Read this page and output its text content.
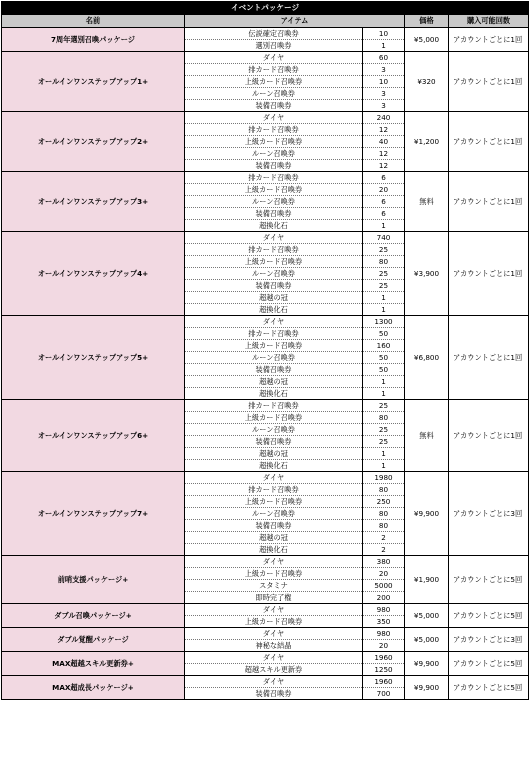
イベントパッケージ				
名前	アイテム		価格	購入可能回数
7周年選別召喚パッケージ	伝説確定召喚券	10	¥5,000	アカウントごとに1回
	選別召喚券	1		
オールインワンステップアップ1+	ダイヤ	60	¥320	アカウントごとに1回
	排カード召喚券	3		
	上級カード召喚券	10		
	ルーン召喚券	3		
	装備召喚券	3		
オールインワンステップアップ2+	ダイヤ	240	¥1,200	アカウントごとに1回
	排カード召喚券	12		
	上級カード召喚券	40		
	ルーン召喚券	12		
	装備召喚券	12		
オールインワンステップアップ3+	排カード召喚券	6	無料	アカウントごとに1回
	上級カード召喚券	20		
	ルーン召喚券	6		
	装備召喚券	6		
	超換化石	1		
オールインワンステップアップ4+	ダイヤ	740	¥3,900	アカウントごとに1回
	排カード召喚券	25		
	上級カード召喚券	80		
	ルーン召喚券	25		
	装備召喚券	25		
	超越の冠	1		
	超換化石	1		
オールインワンステップアップ5+	ダイヤ	1300	¥6,800	アカウントごとに1回
	排カード召喚券	50		
	上級カード召喚券	160		
	ルーン召喚券	50		
	装備召喚券	50		
	超越の冠	1		
	超換化石	1		
オールインワンステップアップ6+	排カード召喚券	25	無料	アカウントごとに1回
	上級カード召喚券	80		
	ルーン召喚券	25		
	装備召喚券	25		
	超越の冠	1		
	超換化石	1		
オールインワンステップアップ7+	ダイヤ	1980	¥9,900	アカウントごとに3回
	排カード召喚券	80		
	上級カード召喚券	250		
	ルーン召喚券	80		
	装備召喚券	80		
	超越の冠	2		
	超換化石	2		
前哨支援パッケージ+	ダイヤ	380	¥1,900	アカウントごとに5回
	上級カード召喚券	20		
	スタミナ	5000		
	即時完了権	200		
ダブル召喚パッケージ+	ダイヤ	980	¥5,000	アカウントごとに5回
	上級カード召喚券	350		
ダブル覚醒パッケージ	ダイヤ	980	¥5,000	アカウントごとに3回
	神秘な結晶	20		
MAX超越スキル更新券+	ダイヤ	1960	¥9,900	アカウントごとに5回
	超越スキル更新券	1250		
MAX超成長パッケージ+	ダイヤ	1960	¥9,900	アカウントごとに5回
	装備召喚券	700		
